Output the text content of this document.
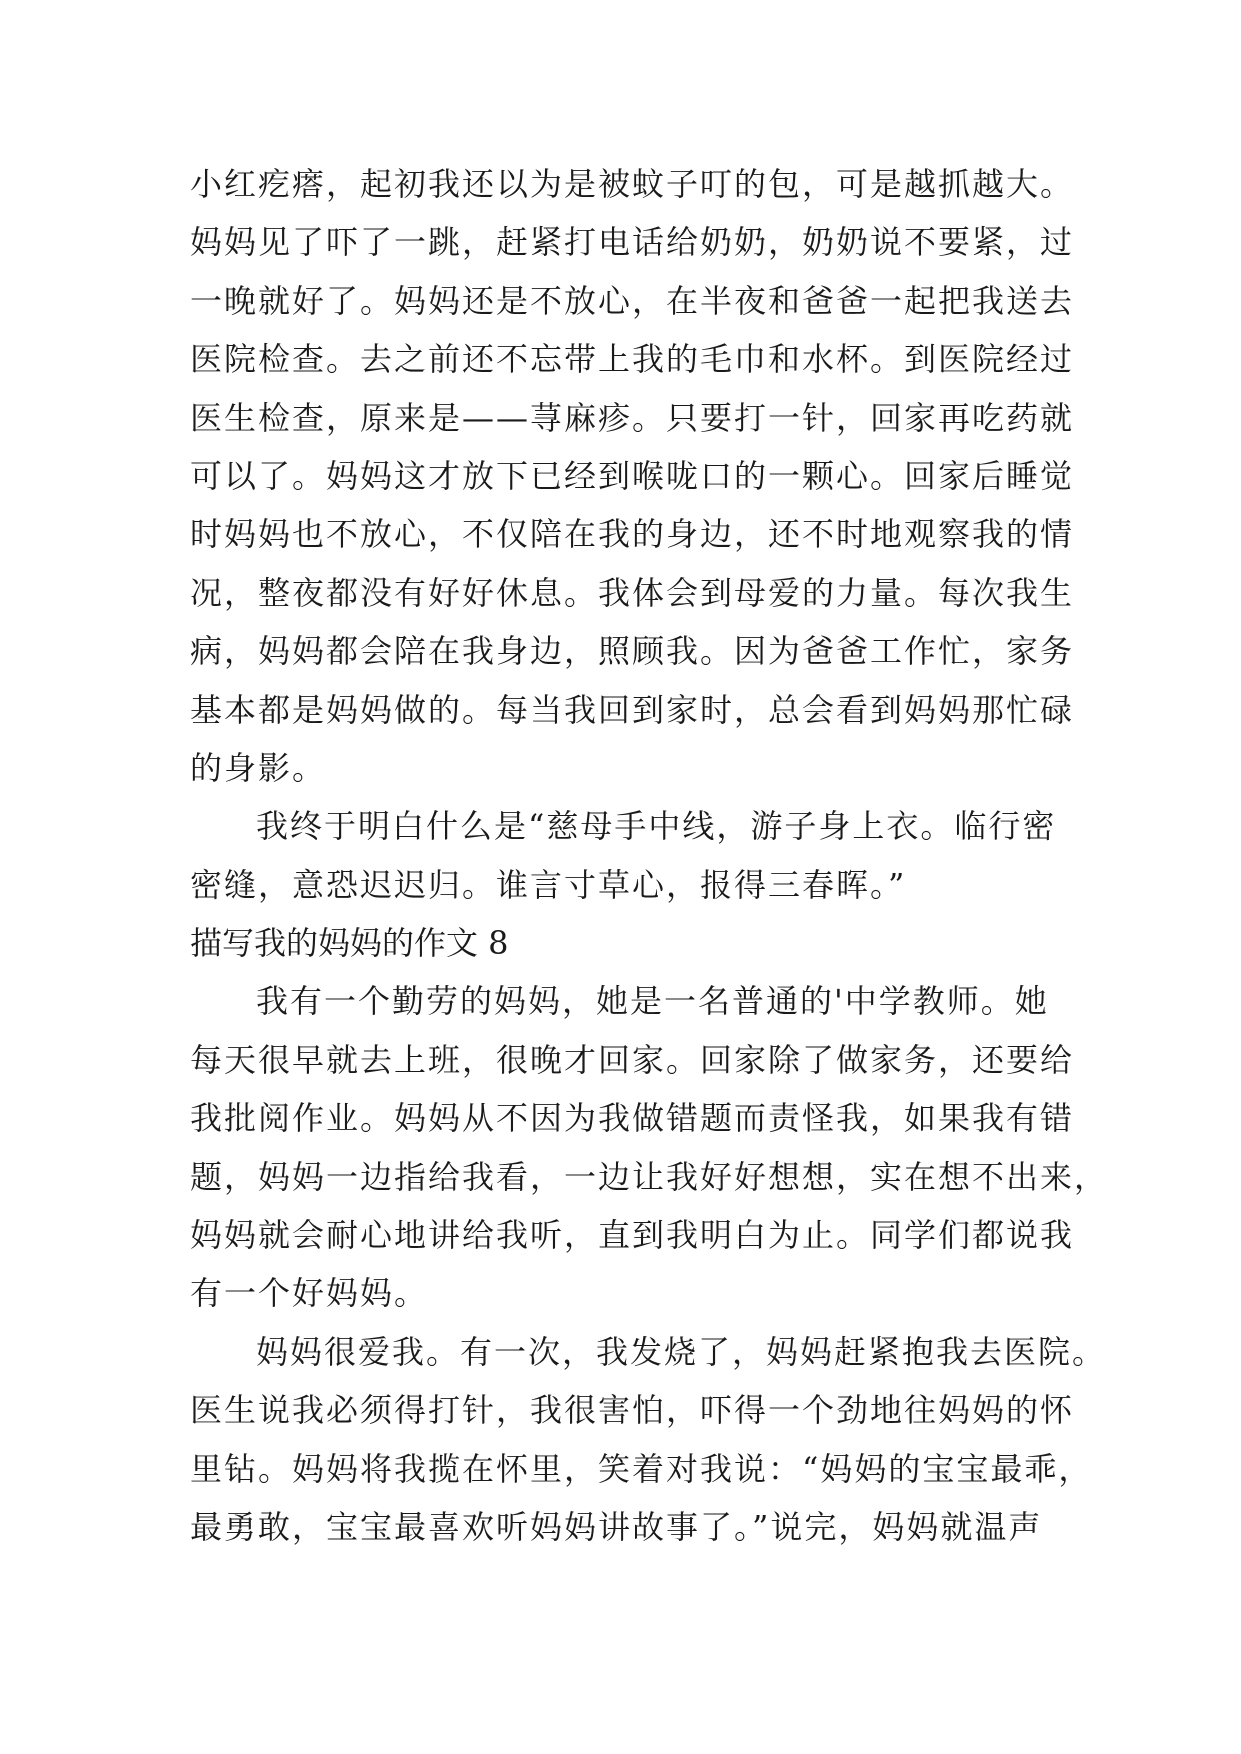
小红疙瘩，起初我还以为是被蚊子叮的包，可是越抓越大。
妈妈见了吓了一跳，赶紧打电话给奶奶，奶奶说不要紧，过
一晚就好了。妈妈还是不放心，在半夜和爸爸一起把我送去
医院检查。去之前还不忘带上我的毛巾和水杯。到医院经过
医生检查，原来是——荨麻疹。只要打一针，回家再吃药就
可以了。妈妈这才放下已经到喉咙口的一颗心。回家后睡觉
时妈妈也不放心，不仅陪在我的身边，还不时地观察我的情
况，整夜都没有好好休息。我体会到母爱的力量。每次我生
病，妈妈都会陪在我身边，照顾我。因为爸爸工作忙，家务
基本都是妈妈做的。每当我回到家时，总会看到妈妈那忙碌
的身影。
我终于明白什么是“慈母手中线，游子身上衣。临行密
密缝，意恐迟迟归。谁言寸草心，报得三春晖。”
描写我的妈妈的作文 8
我有一个勤劳的妈妈，她是一名普通的'中学教师。她
每天很早就去上班，很晚才回家。回家除了做家务，还要给
我批阅作业。妈妈从不因为我做错题而责怪我，如果我有错
题，妈妈一边指给我看，一边让我好好想想，实在想不出来，
妈妈就会耐心地讲给我听，直到我明白为止。同学们都说我
有一个好妈妈。
妈妈很爱我。有一次，我发烧了，妈妈赶紧抱我去医院。
医生说我必须得打针，我很害怕，吓得一个劲地往妈妈的怀
里钻。妈妈将我揽在怀里，笑着对我说：“妈妈的宝宝最乖，
最勇敢，宝宝最喜欢听妈妈讲故事了。”说完，妈妈就温声
